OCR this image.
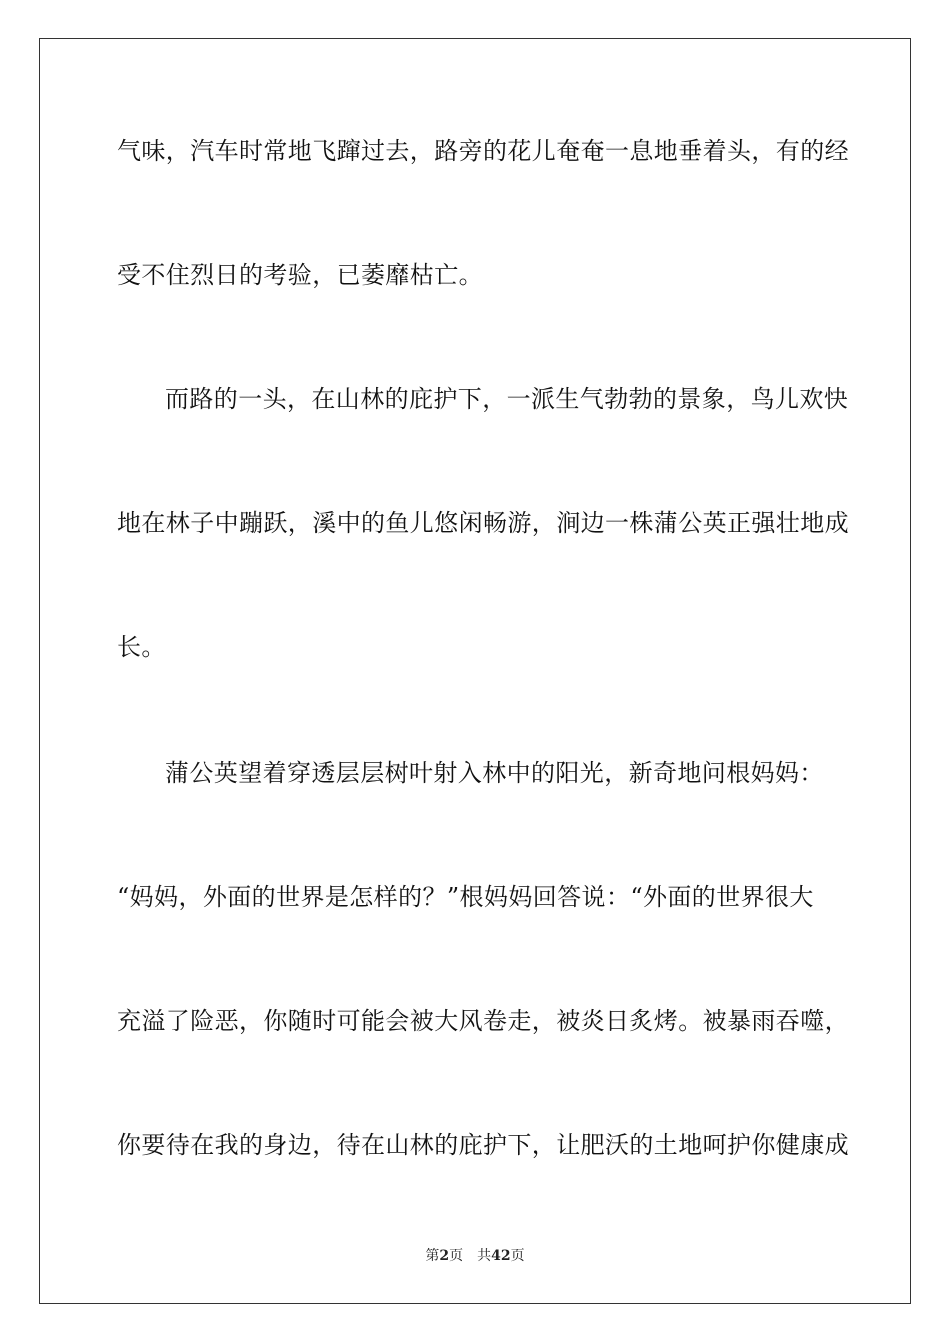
气味，汽车时常地飞蹿过去，路旁的花儿奄奄一息地垂着头，有的经
受不住烈日的考验，已萎靡枯亡。
而路的一头，在山林的庇护下，一派生气勃勃的景象，鸟儿欢快
地在林子中蹦跃，溪中的鱼儿悠闲畅游，涧边一株蒲公英正强壮地成
长。
蒲公英望着穿透层层树叶射入林中的阳光，新奇地问根妈妈：
“妈妈，外面的世界是怎样的？”根妈妈回答说：“外面的世界很大
充溢了险恶，你随时可能会被大风卷走，被炎日炙烤。被暴雨吞噬，
你要待在我的身边，待在山林的庇护下，让肥沃的土地呵护你健康成
第2页 共42页
